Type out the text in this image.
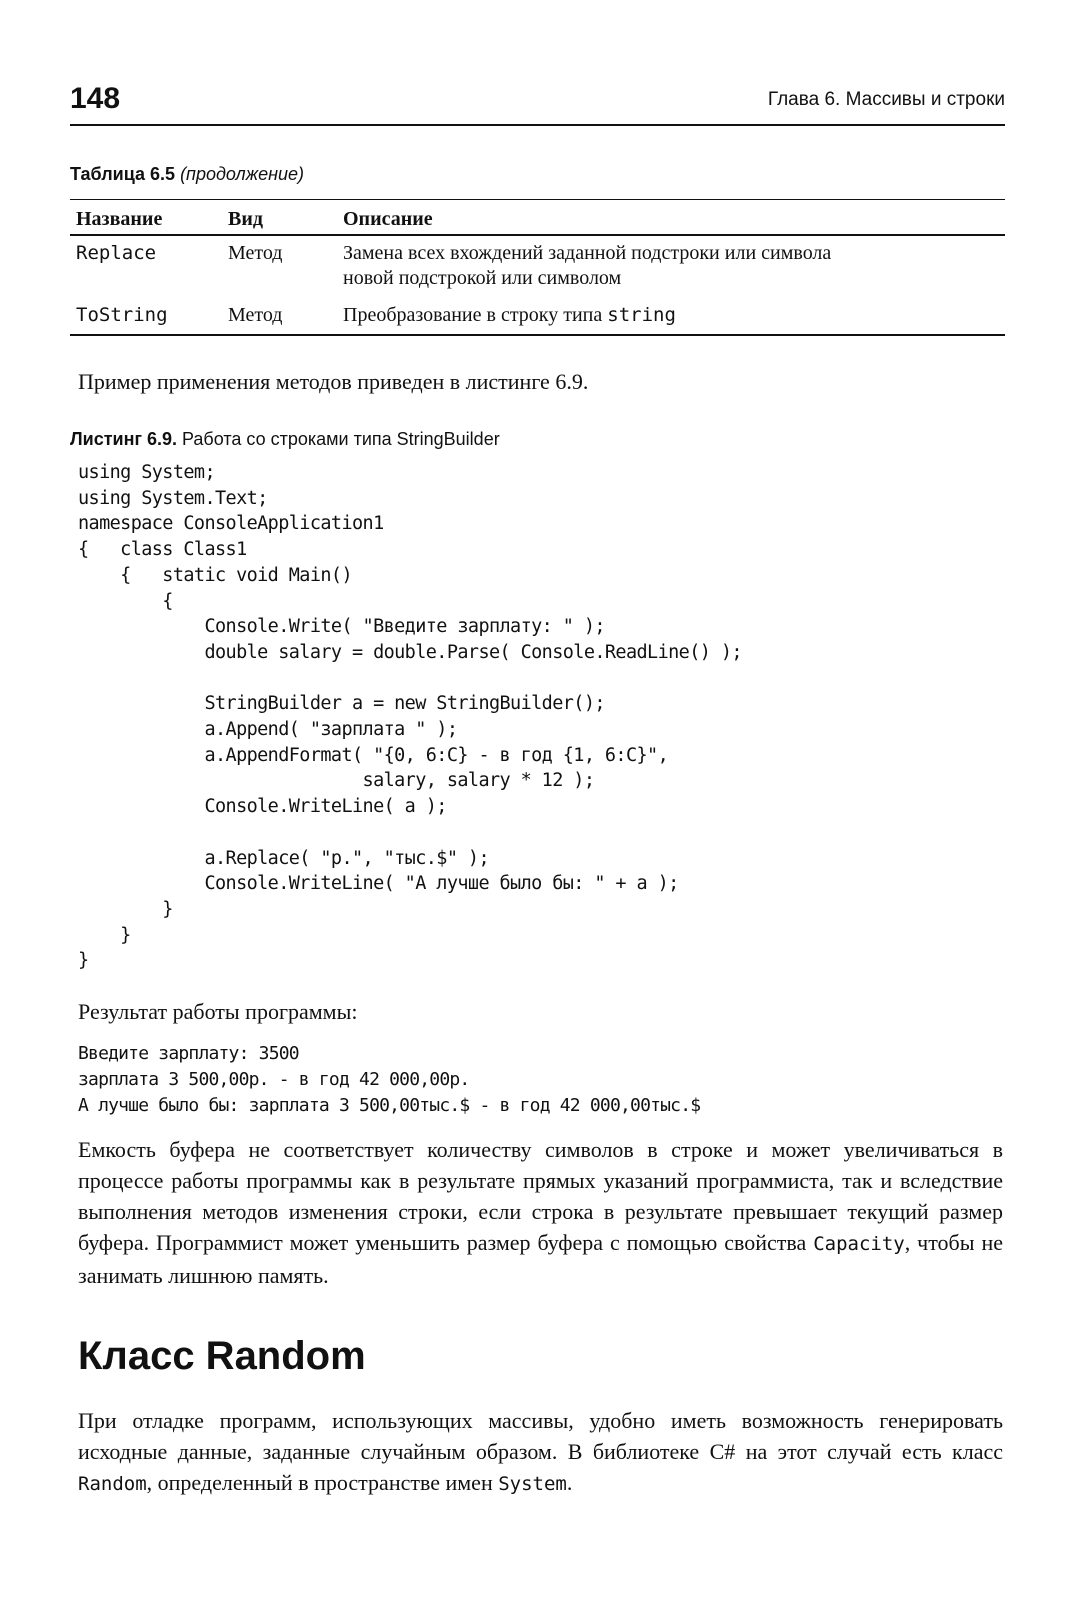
148	Глава 6. Массивы и строки
Таблица 6.5 (продолжение)
Название	Вид	Описание
Replace	Метод	Замена всех вхождений заданной подстроки или символа
новой подстрокой или символом
ToString	Метод	Преобразование в строку типа string
Пример применения методов приведен в листинге 6.9.
Листинг 6.9. Работа со строками типа StringBuilder
using System;
using System.Text;
namespace ConsoleApplication1
{   class Class1
{   static void Main()
{
Console.Write( "Введите зарплату: " );
double salary = double.Parse( Console.ReadLine() );

StringBuilder a = new StringBuilder();
a.Append( "зарплата " );
a.AppendFormat( "{0, 6:C} - в год {1, 6:C}",
salary, salary * 12 );
Console.WriteLine( a );

a.Replace( "р.", "тыс.$" );
Console.WriteLine( "А лучше было бы: " + a );
}
}
}
Результат работы программы:
Введите зарплату: 3500
зарплата 3 500,00р. - в год 42 000,00р.
А лучше было бы: зарплата 3 500,00тыс.$ - в год 42 000,00тыс.$
Емкость буфера не соответствует количеству символов в строке и может увеличиваться в процессе работы программы как в результате прямых указаний программиста, так и вследствие выполнения методов изменения строки, если строка в результате превышает текущий размер буфера. Программист может уменьшить размер буфера с помощью свойства Capacity, чтобы не занимать лишнюю память.
Класс Random
При отладке программ, использующих массивы, удобно иметь возможность генерировать исходные данные, заданные случайным образом. В библиотеке C# на этот случай есть класс Random, определенный в пространстве имен System.
